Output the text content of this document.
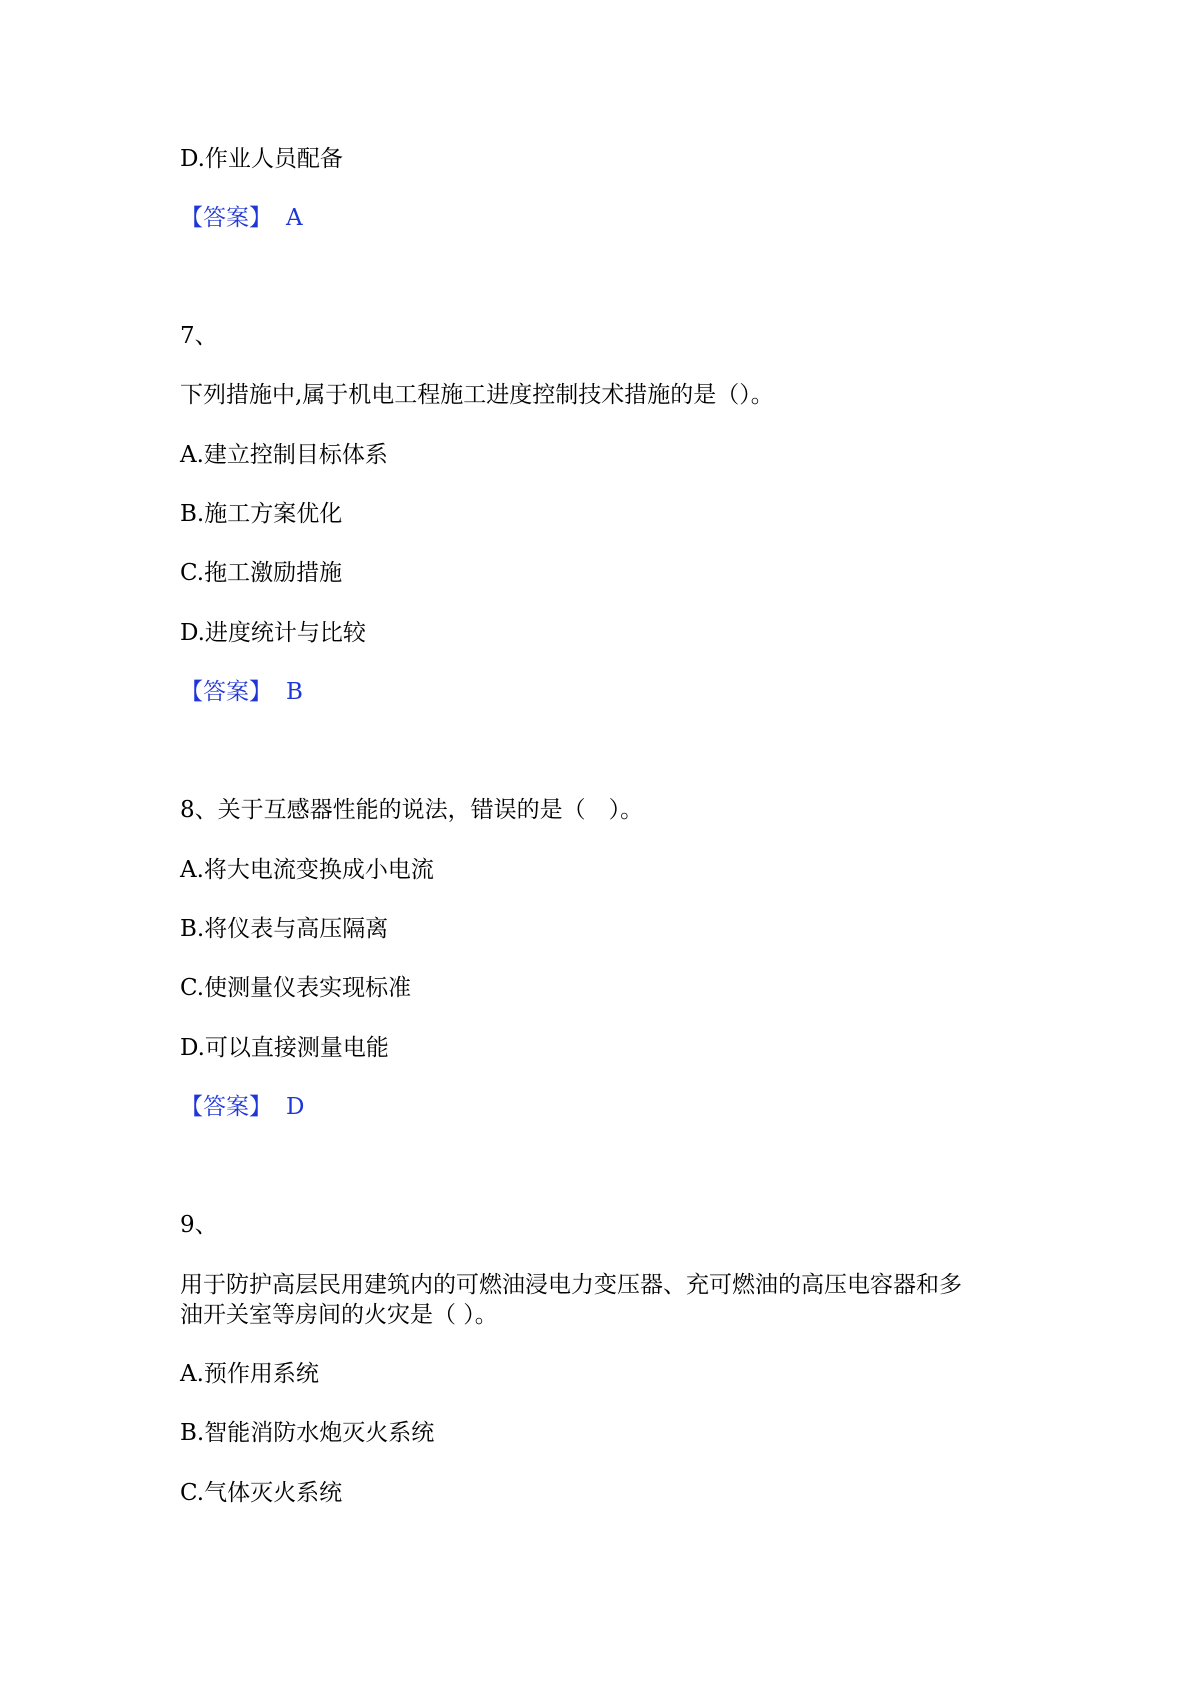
D.作业人员配备
【答案】 A
7、
下列措施中,属于机电工程施工进度控制技术措施的是（）。
A.建立控制目标体系
B.施工方案优化
C.拖工激励措施
D.进度统计与比较
【答案】 B
8、关于互感器性能的说法，错误的是（　）。
A.将大电流变换成小电流
B.将仪表与高压隔离
C.使测量仪表实现标准
D.可以直接测量电能
【答案】 D
9、
用于防护高层民用建筑内的可燃油浸电力变压器、充可燃油的高压电容器和多
油开关室等房间的火灾是（ ）。
A.预作用系统
B.智能消防水炮灭火系统
C.气体灭火系统
